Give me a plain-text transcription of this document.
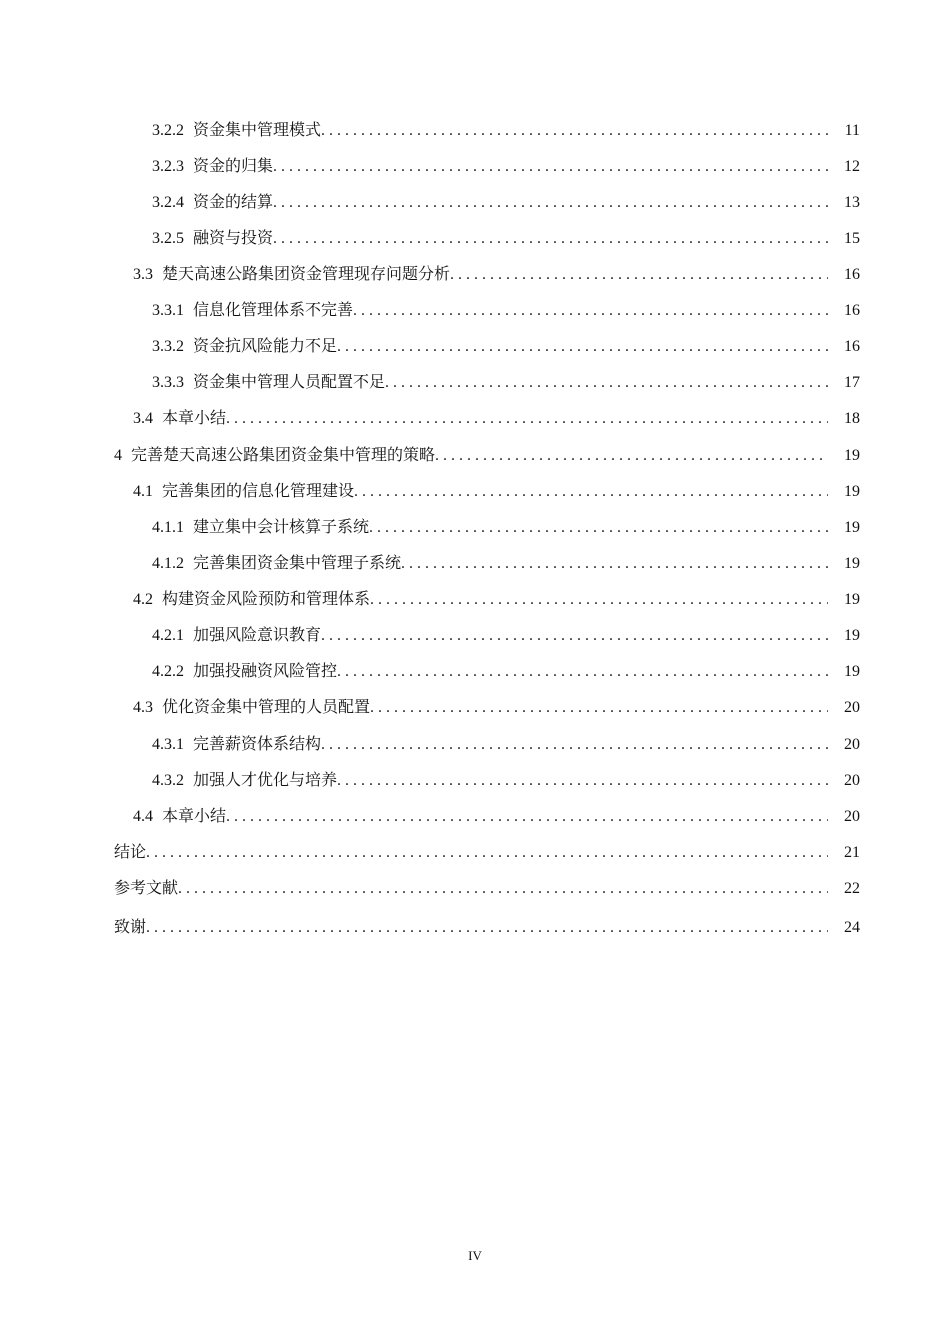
3.2.2 资金集中管理模式 . . .	11
3.2.3 资金的归集 . . .	12
3.2.4 资金的结算 . . .	13
3.2.5 融资与投资 . . .	15
3.3 楚天高速公路集团资金管理现存问题分析 . . .	16
3.3.1 信息化管理体系不完善 . . .	16
3.3.2 资金抗风险能力不足 . . .	16
3.3.3 资金集中管理人员配置不足 . . .	17
3.4 本章小结 . . .	18
4 完善楚天高速公路集团资金集中管理的策略 . . .	19
4.1 完善集团的信息化管理建设 . . .	19
4.1.1 建立集中会计核算子系统 . . .	19
4.1.2 完善集团资金集中管理子系统 . . .	19
4.2 构建资金风险预防和管理体系 . . .	19
4.2.1 加强风险意识教育 . . .	19
4.2.2 加强投融资风险管控 . . .	19
4.3 优化资金集中管理的人员配置 . . .	20
4.3.1 完善薪资体系结构 . . .	20
4.3.2 加强人才优化与培养 . . .	20
4.4 本章小结 . . .	20
结论 . . .	21
参考文献 . . .	22
致谢 . . .	24
IV
